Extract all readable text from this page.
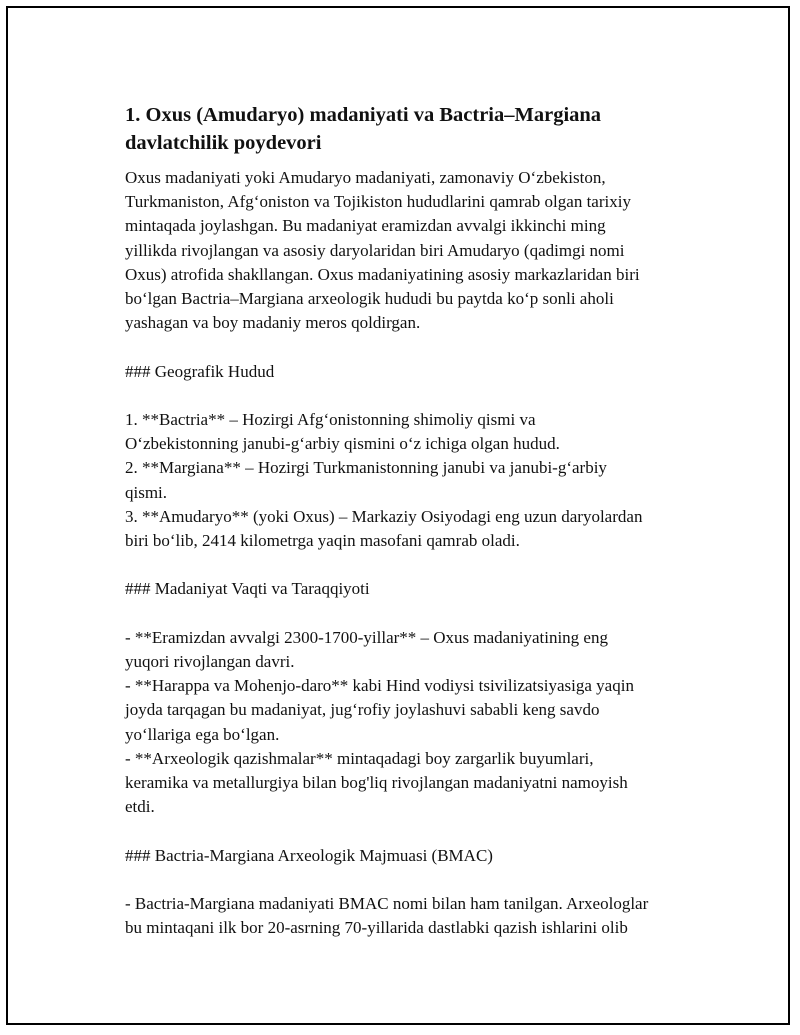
1. Oxus (Amudaryo) madaniyati va Bactria–Margiana
davlatchilik poydevori

Oxus madaniyati yoki Amudaryo madaniyati, zamonaviy Oʻzbekiston,
Turkmaniston, Afgʻoniston va Tojikiston hududlarini qamrab olgan tarixiy
mintaqada joylashgan. Bu madaniyat eramizdan avvalgi ikkinchi ming
yillikda rivojlangan va asosiy daryolaridan biri Amudaryo (qadimgi nomi
Oxus) atrofida shakllangan. Oxus madaniyatining asosiy markazlaridan biri
boʻlgan Bactria–Margiana arxeologik hududi bu paytda koʻp sonli aholi
yashagan va boy madaniy meros qoldirgan.
### Geografik Hudud
1. **Bactria** – Hozirgi Afgʻonistonning shimoliy qismi va
Oʻzbekistonning janubi-gʻarbiy qismini oʻz ichiga olgan hudud.
2. **Margiana** – Hozirgi Turkmanistonning janubi va janubi-gʻarbiy
qismi.
3. **Amudaryo** (yoki Oxus) – Markaziy Osiyodagi eng uzun daryolardan
biri boʻlib, 2414 kilometrga yaqin masofani qamrab oladi.
### Madaniyat Vaqti va Taraqqiyoti
- **Eramizdan avvalgi 2300-1700-yillar** – Oxus madaniyatining eng
yuqori rivojlangan davri.
- **Harappa va Mohenjo-daro** kabi Hind vodiysi tsivilizatsiyasiga yaqin
joyda tarqagan bu madaniyat, jugʻrofiy joylashuvi sababli keng savdo
yoʻllariga ega boʻlgan.
- **Arxeologik qazishmalar** mintaqadagi boy zargarlik buyumlari,
keramika va metallurgiya bilan bog'liq rivojlangan madaniyatni namoyish
etdi.
### Bactria-Margiana Arxeologik Majmuasi (BMAC)
- Bactria-Margiana madaniyati BMAC nomi bilan ham tanilgan. Arxeologlar
bu mintaqani ilk bor 20-asrning 70-yillarida dastlabki qazish ishlarini olib
